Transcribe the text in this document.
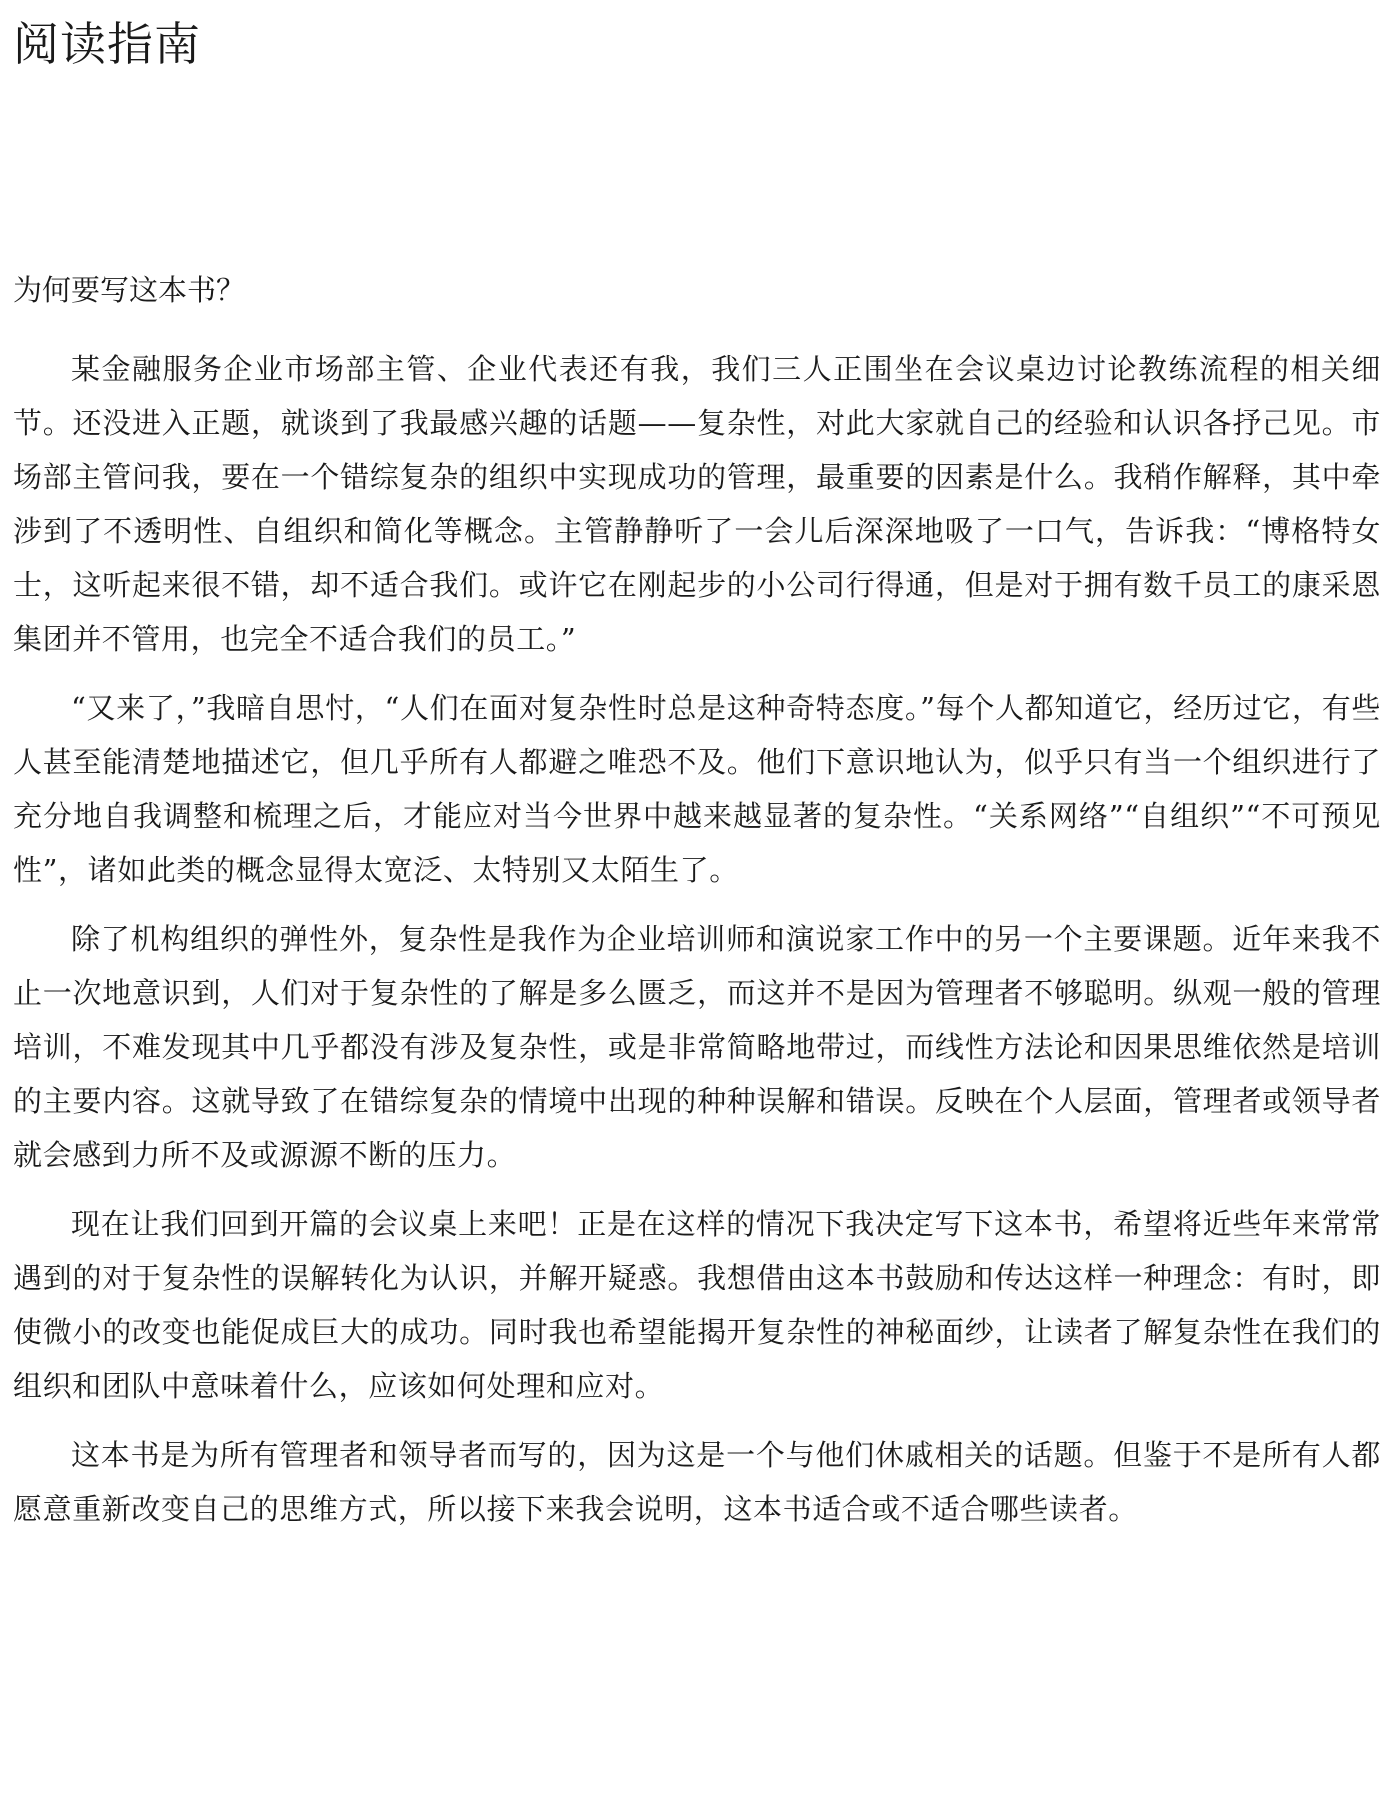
阅读指南
为何要写这本书？

某金融服务企业市场部主管、企业代表还有我，我们三人正围坐在会议桌边讨论教练流程的相关细节。还没进入正题，就谈到了我最感兴趣的话题——复杂性，对此大家就自己的经验和认识各抒己见。市场部主管问我，要在一个错综复杂的组织中实现成功的管理，最重要的因素是什么。我稍作解释，其中牵涉到了不透明性、自组织和简化等概念。主管静静听了一会儿后深深地吸了一口气，告诉我：“博格特女士，这听起来很不错，却不适合我们。或许它在刚起步的小公司行得通，但是对于拥有数千员工的康采恩集团并不管用，也完全不适合我们的员工。”

“又来了，”我暗自思忖，“人们在面对复杂性时总是这种奇特态度。”每个人都知道它，经历过它，有些人甚至能清楚地描述它，但几乎所有人都避之唯恐不及。他们下意识地认为，似乎只有当一个组织进行了充分地自我调整和梳理之后，才能应对当今世界中越来越显著的复杂性。“关系网络”“自组织”“不可预见性”，诸如此类的概念显得太宽泛、太特别又太陌生了。

除了机构组织的弹性外，复杂性是我作为企业培训师和演说家工作中的另一个主要课题。近年来我不止一次地意识到，人们对于复杂性的了解是多么匮乏，而这并不是因为管理者不够聪明。纵观一般的管理培训，不难发现其中几乎都没有涉及复杂性，或是非常简略地带过，而线性方法论和因果思维依然是培训的主要内容。这就导致了在错综复杂的情境中出现的种种误解和错误。反映在个人层面，管理者或领导者就会感到力所不及或源源不断的压力。

现在让我们回到开篇的会议桌上来吧！正是在这样的情况下我决定写下这本书，希望将近些年来常常遇到的对于复杂性的误解转化为认识，并解开疑惑。我想借由这本书鼓励和传达这样一种理念：有时，即使微小的改变也能促成巨大的成功。同时我也希望能揭开复杂性的神秘面纱，让读者了解复杂性在我们的组织和团队中意味着什么，应该如何处理和应对。

这本书是为所有管理者和领导者而写的，因为这是一个与他们休戚相关的话题。但鉴于不是所有人都愿意重新改变自己的思维方式，所以接下来我会说明，这本书适合或不适合哪些读者。
